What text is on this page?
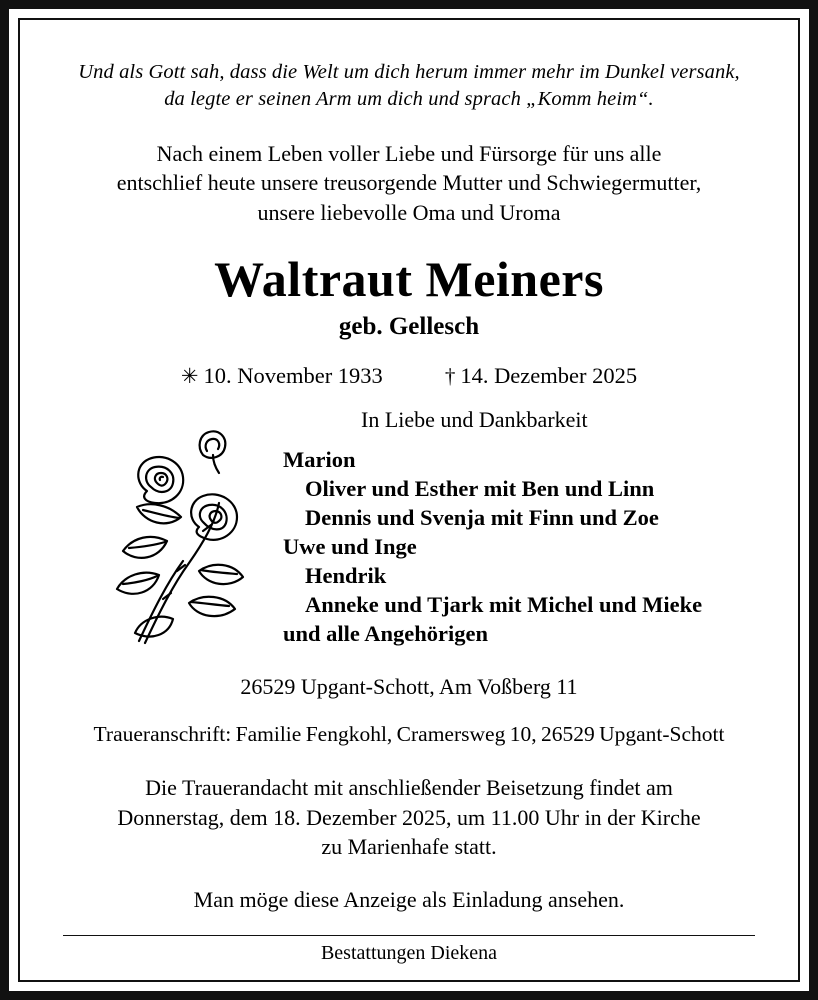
Und als Gott sah, dass die Welt um dich herum immer mehr im Dunkel versank,
da legte er seinen Arm um dich und sprach „Komm heim“.
Nach einem Leben voller Liebe und Fürsorge für uns alle
entschlief heute unsere treusorgende Mutter und Schwiegermutter,
unsere liebevolle Oma und Uroma
Waltraut Meiners
geb. Gellesch
✳ 10. November 1933	† 14. Dezember 2025
In Liebe und Dankbarkeit
Marion
Oliver und Esther mit Ben und Linn
Dennis und Svenja mit Finn und Zoe
Uwe und Inge
Hendrik
Anneke und Tjark mit Michel und Mieke
und alle Angehörigen
26529 Upgant-Schott, Am Voßberg 11
Traueranschrift: Familie Fengkohl, Cramersweg 10, 26529 Upgant-Schott
Die Trauerandacht mit anschließender Beisetzung findet am
Donnerstag, dem 18. Dezember 2025, um 11.00 Uhr in der Kirche
zu Marienhafe statt.
Man möge diese Anzeige als Einladung ansehen.
Bestattungen Diekena
